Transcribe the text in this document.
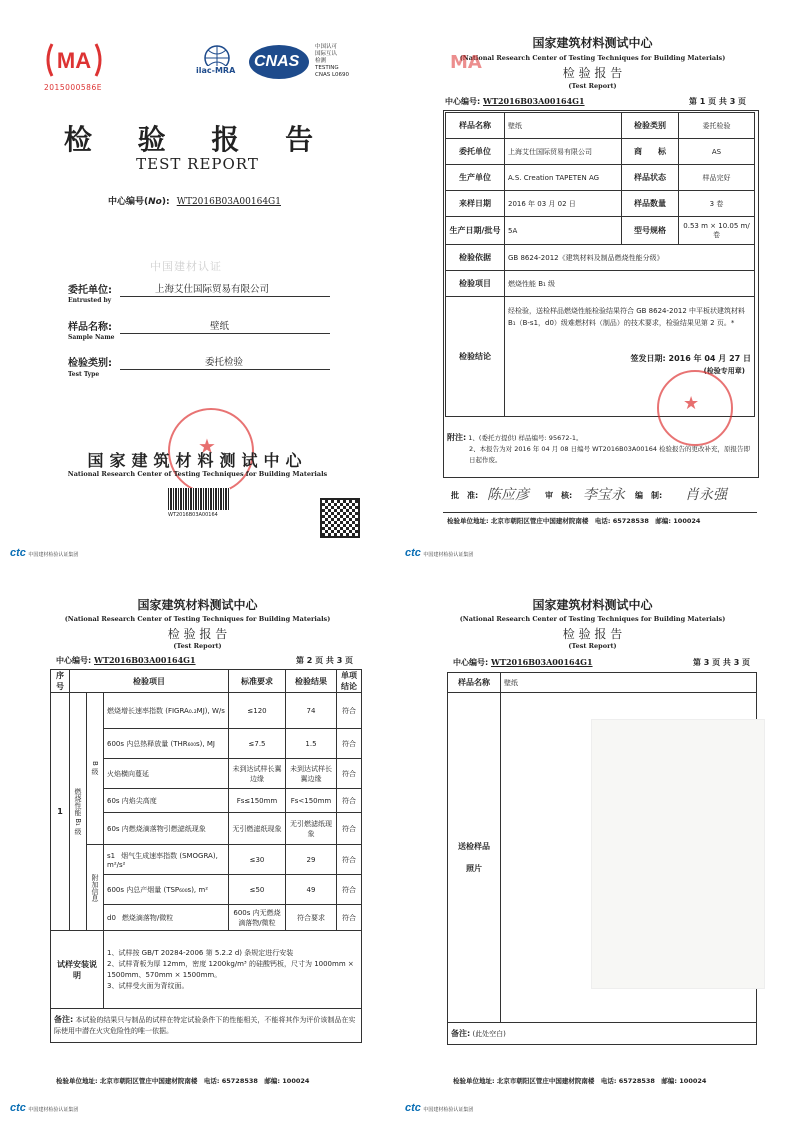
MA
2015000586E
ilac-MRA
CNAS
中国认可
国际互认
检测
TESTING
CNAS L0690
检 验 报 告
TEST REPORT
中心编号(No): WT2016B03A00164G1
中国建材认证
委托单位:
Entrusted by
上海艾仕国际贸易有限公司
样品名称:
Sample Name
壁纸
检验类别:
Test Type
委托检验
★
国家建筑材料测试中心
National Research Center of Testing Techniques for Building Materials
WT2016B03A00164
ctc 中国建材检验认证集团
国家建筑材料测试中心
(National Research Center of Testing Techniques for Building Materials)
检 验 报 告
(Test Report)
MA
中心编号: WT2016B03A00164G1	第 1 页 共 3 页
样品名称	壁纸	检验类别	委托检验
委托单位	上海艾仕国际贸易有限公司	商　　标	AS
生产单位	A.S. Creation TAPETEN AG	样品状态	样品完好
来样日期	2016 年 03 月 02 日	样品数量	3 卷
生产日期/批号	5A	型号规格	0.53 m × 10.05 m/卷
检验依据	GB 8624-2012《建筑材料及制品燃烧性能分级》		
检验项目	燃烧性能 B₁ 级		
检验结论	经检验，送检样品燃烧性能检验结果符合 GB 8624-2012 中平板状建筑材料 B₁（B-s1，d0）级难燃材料（制品）的技术要求，检验结果见第 2 页。*
签发日期: 2016 年 04 月 27 日
(检验专用章)		
★
附注: 1、(委托方提供) 样品编号: 95672-1。
2、本报告为对 2016 年 04 月 08 日编号 WT2016B03A00164 检验报告的更改补充，原报告即日起作废。
批　准: 陈应彦 审　核: 李宝永 编　制: 肖永强
检验单位地址: 北京市朝阳区管庄中国建材院南楼　电话: 65728538　邮编: 100024
ctc 中国建材检验认证集团
国家建筑材料测试中心
(National Research Center of Testing Techniques for Building Materials)
检 验 报 告
(Test Report)
中心编号: WT2016B03A00164G1	第 2 页 共 3 页
序号	检验项目			标准要求	检验结果	单项结论
1	燃烧性能 B₁ 级	B 级	燃烧增长速率指数 (FIGRA₀.₂MJ), W/s	≤120	74	符合
			600s 内总热释放量 (THR₆₀₀s), MJ	≤7.5	1.5	符合
			火焰横向蔓延	未到达试样长翼边缘	未到达试样长翼边缘	符合
			60s 内焰尖高度	Fs≤150mm	Fs<150mm	符合
			60s 内燃烧滴落物引燃滤纸现象	无引燃滤纸现象	无引燃滤纸现象	符合
		附加信息	s1 烟气生成速率指数 (SMOGRA), m²/s²	≤30	29	符合
			600s 内总产烟量 (TSP₆₀₀s), m²	≤50	49	符合
			d0 燃烧滴落物/微粒	600s 内无燃烧滴落物/微粒	符合要求	符合
试样安装说明			1、试样按 GB/T 20284-2006 第 5.2.2 d) 条规定进行安装
2、试样背板为厚 12mm，密度 1200kg/m³ 的硅酸钙板，尺寸为 1000mm × 1500mm、570mm × 1500mm。
3、试样受火面为背纹面。			

备注: 本试验的结果只与制品的试样在特定试验条件下的性能相关，不能将其作为评价该制品在实际使用中潜在火灾危险性的唯一依据。						
检验单位地址: 北京市朝阳区管庄中国建材院南楼　电话: 65728538　邮编: 100024
ctc 中国建材检验认证集团
国家建筑材料测试中心
(National Research Center of Testing Techniques for Building Materials)
检 验 报 告
(Test Report)
中心编号: WT2016B03A00164G1	第 3 页 共 3 页
样品名称	壁纸
送检样品照片	

备注: (此处空白)	
检验单位地址: 北京市朝阳区管庄中国建材院南楼　电话: 65728538　邮编: 100024
ctc 中国建材检验认证集团
